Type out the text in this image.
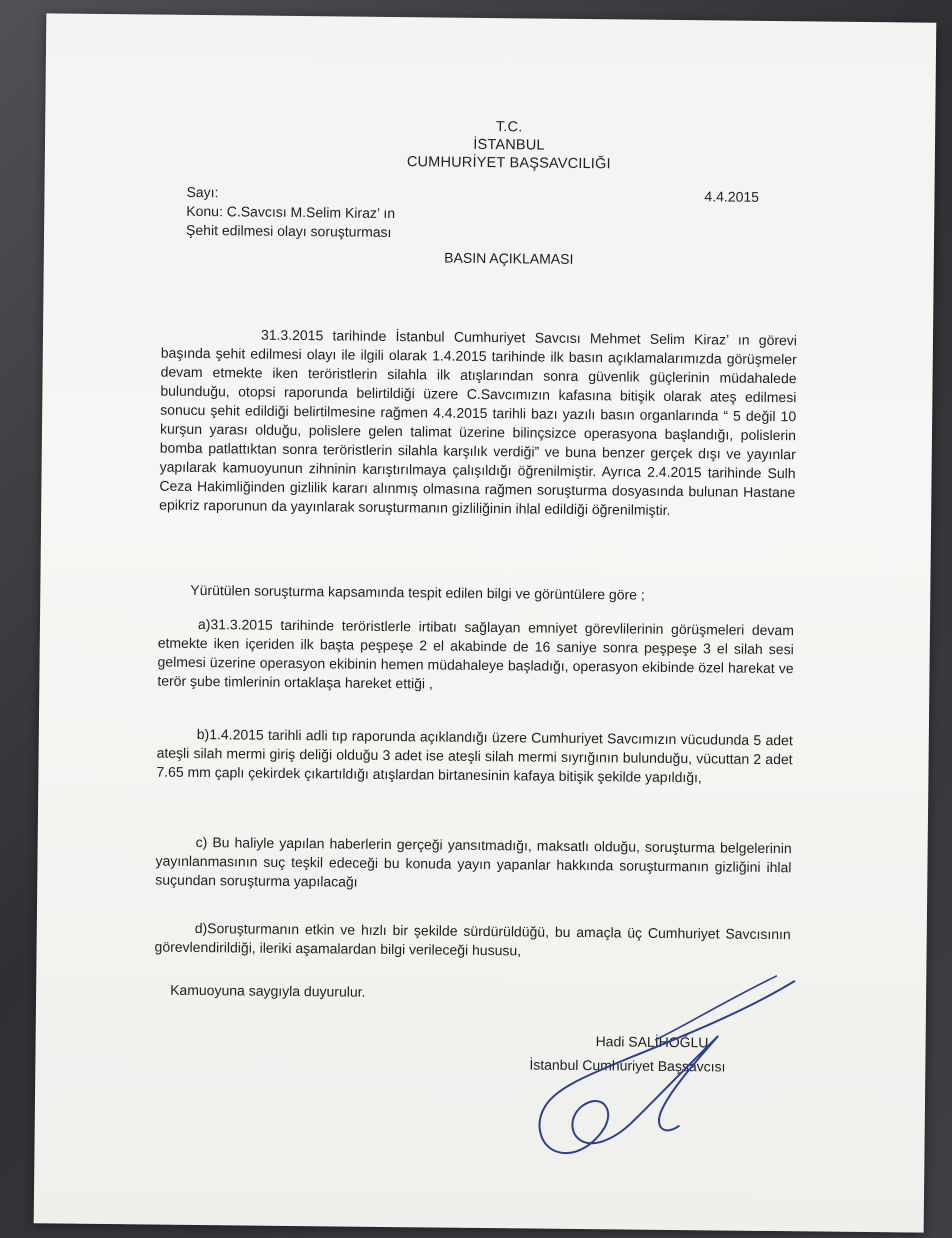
T.C.
İSTANBUL
CUMHURİYET BAŞSAVCILIĞI
Sayı:
Konu: C.Savcısı M.Selim Kiraz’ ın
Şehit edilmesi olayı soruşturması
4.4.2015
BASIN AÇIKLAMASI

31.3.2015 tarihinde İstanbul Cumhuriyet Savcısı Mehmet Selim Kiraz’ ın görevi başında şehit edilmesi olayı ile ilgili olarak 1.4.2015 tarihinde ilk basın açıklamalarımızda görüşmeler devam etmekte iken teröristlerin silahla ilk atışlarından sonra güvenlik güçlerinin müdahalede bulunduğu, otopsi raporunda belirtildiği üzere C.Savcımızın kafasına bitişik olarak ateş edilmesi sonucu şehit edildiği belirtilmesine rağmen 4.4.2015 tarihli bazı yazılı basın organlarında “ 5 değil 10 kurşun yarası olduğu, polislere gelen talimat üzerine bilinçsizce operasyona başlandığı, polislerin bomba patlattıktan sonra teröristlerin silahla karşılık verdiği” ve buna benzer gerçek dışı ve yayınlar yapılarak kamuoyunun zihninin karıştırılmaya çalışıldığı öğrenilmiştir. Ayrıca 2.4.2015 tarihinde Sulh Ceza Hakimliğinden gizlilik kararı alınmış olmasına rağmen soruşturma dosyasında bulunan Hastane epikriz raporunun da yayınlarak soruşturmanın gizliliğinin ihlal edildiği öğrenilmiştir.

Yürütülen soruşturma kapsamında tespit edilen bilgi ve görüntülere göre ;

a)31.3.2015 tarihinde teröristlerle irtibatı sağlayan emniyet görevlilerinin görüşmeleri devam etmekte iken içeriden ilk başta peşpeşe 2 el akabinde de 16 saniye sonra peşpeşe 3 el silah sesi gelmesi üzerine operasyon ekibinin hemen müdahaleye başladığı, operasyon ekibinde özel harekat ve terör şube timlerinin ortaklaşa hareket ettiği ,

b)1.4.2015 tarihli adli tıp raporunda açıklandığı üzere Cumhuriyet Savcımızın vücudunda 5 adet ateşli silah mermi giriş deliği olduğu 3 adet ise ateşli silah mermi sıyrığının bulunduğu, vücuttan 2 adet 7.65 mm çaplı çekirdek çıkartıldığı atışlardan birtanesinin kafaya bitişik şekilde yapıldığı,

c) Bu haliyle yapılan haberlerin gerçeği yansıtmadığı, maksatlı olduğu, soruşturma belgelerinin yayınlanmasının suç teşkil edeceği bu konuda yayın yapanlar hakkında soruşturmanın gizliğini ihlal suçundan soruşturma yapılacağı

d)Soruşturmanın etkin ve hızlı bir şekilde sürdürüldüğü, bu amaçla üç Cumhuriyet Savcısının görevlendirildiği, ileriki aşamalardan bilgi verileceği hususu,

Kamuoyuna saygıyla duyurulur.

Hadi SALİHOĞLU
İstanbul Cumhuriyet Başsavcısı
